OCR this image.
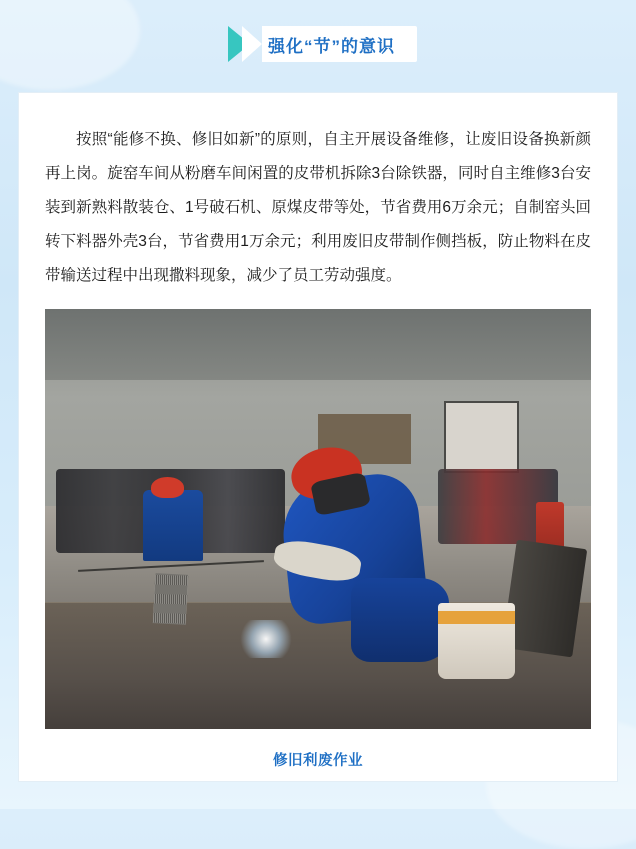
强化“节”的意识

按照“能修不换、修旧如新”的原则，自主开展设备维修，让废旧设备换新颜再上岗。旋窑车间从粉磨车间闲置的皮带机拆除3台除铁器，同时自主维修3台安装到新熟料散装仓、1号破石机、原煤皮带等处，节省费用6万余元；自制窑头回转下料器外壳3台，节省费用1万余元；利用废旧皮带制作侧挡板，防止物料在皮带输送过程中出现撒料现象，减少了员工劳动强度。

修旧利废作业
